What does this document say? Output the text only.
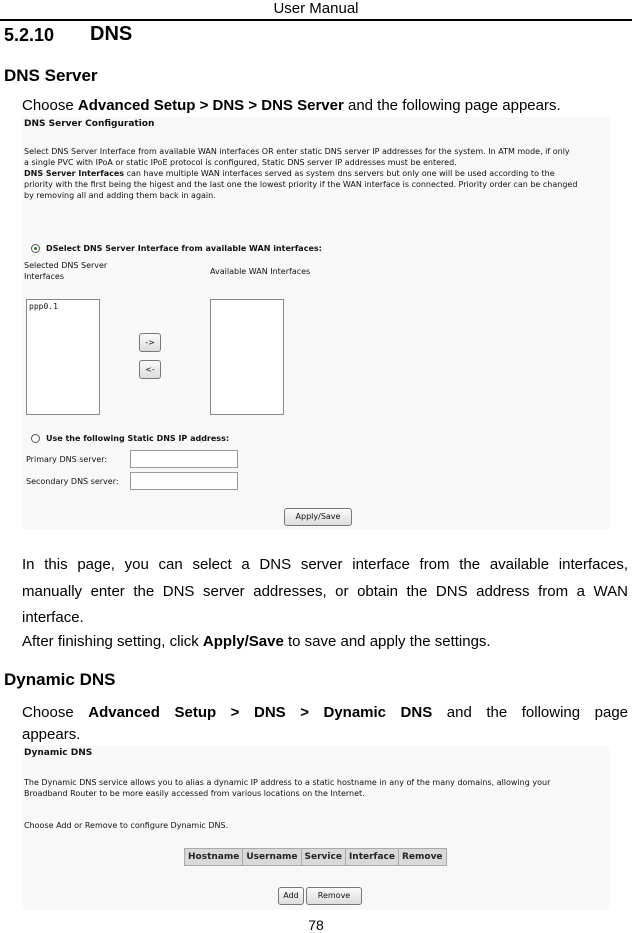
User Manual
5.2.10 DNS
DNS Server
Choose Advanced Setup > DNS > DNS Server and the following page appears.
DNS Server Configuration
Select DNS Server Interface from available WAN interfaces OR enter static DNS server IP addresses for the system. In ATM mode, if only
a single PVC with IPoA or static IPoE protocol is configured, Static DNS server IP addresses must be entered.
DNS Server Interfaces can have multiple WAN interfaces served as system dns servers but only one will be used according to the
priority with the first being the higest and the last one the lowest priority if the WAN interface is connected. Priority order can be changed
by removing all and adding them back in again.
DSelect DNS Server Interface from available WAN interfaces:
Selected DNS Server
Interfaces
Available WAN Interfaces
ppp0.1
->
<-
Use the following Static DNS IP address:
Primary DNS server:
Secondary DNS server:
Apply/Save
In this page, you can select a DNS server interface from the available interfaces,
manually enter the DNS server addresses, or obtain the DNS address from a WAN
interface.
After finishing setting, click Apply/Save to save and apply the settings.
Dynamic DNS
Choose Advanced Setup > DNS > Dynamic DNS and the following page
appears.
Dynamic DNS
The Dynamic DNS service allows you to alias a dynamic IP address to a static hostname in any of the many domains, allowing your
Broadband Router to be more easily accessed from various locations on the Internet.
Choose Add or Remove to configure Dynamic DNS.
Hostname	Username	Service	Interface	Remove
Add	Remove
78
